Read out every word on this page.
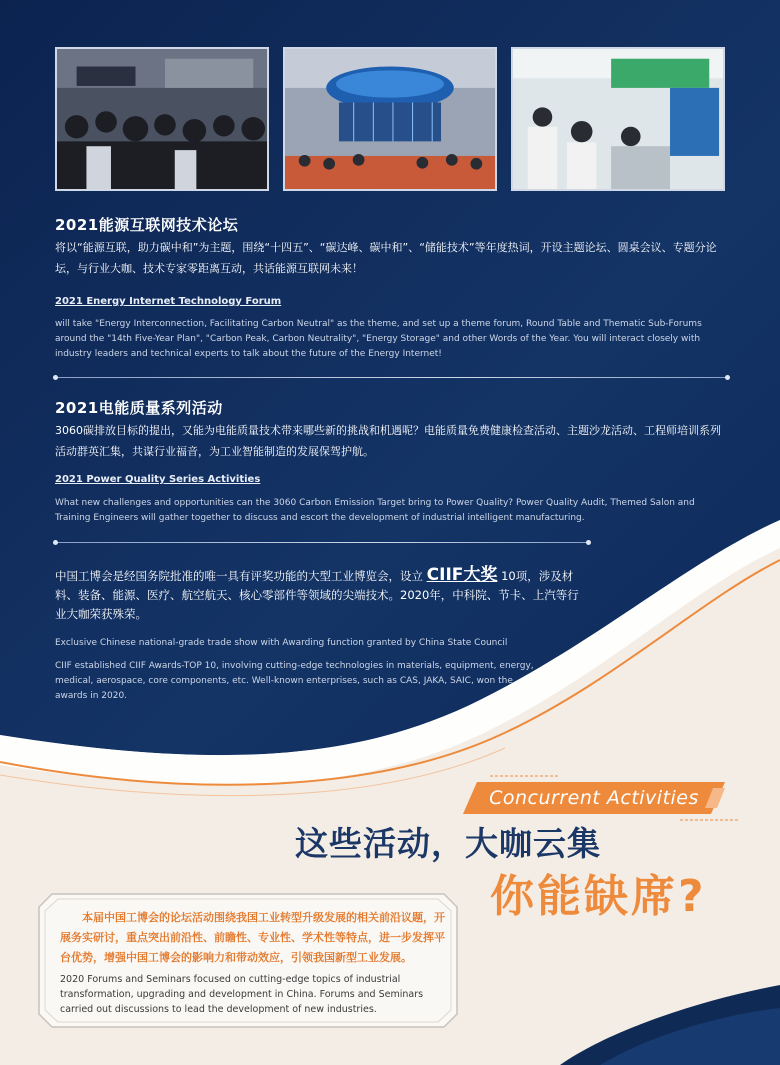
2021能源互联网技术论坛
将以“能源互联，助力碳中和”为主题，围绕“十四五”、“碳达峰、碳中和”、“储能技术”等年度热词，开设主题论坛、圆桌会议、专题分论坛，与行业大咖、技术专家零距离互动，共话能源互联网未来！
2021 Energy Internet Technology Forum
will take "Energy Interconnection, Facilitating Carbon Neutral" as the theme, and set up a theme forum, Round Table and Thematic Sub-Forums around the "14th Five-Year Plan", "Carbon Peak, Carbon Neutrality", "Energy Storage" and other Words of the Year. You will interact closely with industry leaders and technical experts to talk about the future of the Energy Internet!
2021电能质量系列活动
3060碳排放目标的提出，又能为电能质量技术带来哪些新的挑战和机遇呢？电能质量免费健康检查活动、主题沙龙活动、工程师培训系列活动群英汇集，共谋行业福音，为工业智能制造的发展保驾护航。
2021 Power Quality Series Activities
What new challenges and opportunities can the 3060 Carbon Emission Target bring to Power Quality? Power Quality Audit, Themed Salon and Training Engineers will gather together to discuss and escort the development of industrial intelligent manufacturing.
中国工博会是经国务院批准的唯一具有评奖功能的大型工业博览会，设立 CIIF大奖 10项，涉及材料、装备、能源、医疗、航空航天、核心零部件等领域的尖端技术。2020年，中科院、节卡、上汽等行业大咖荣获殊荣。
Exclusive Chinese national-grade trade show with Awarding function granted by China State Council
CIIF established CIIF Awards-TOP 10, involving cutting-edge technologies in materials, equipment, energy, medical, aerospace, core components, etc. Well-known enterprises, such as CAS, JAKA, SAIC, won the awards in 2020.
Concurrent Activities
这些活动，大咖云集
你能缺席?
本届中国工博会的论坛活动围绕我国工业转型升级发展的相关前沿议题，开展务实研讨，重点突出前沿性、前瞻性、专业性、学术性等特点，进一步发挥平台优势，增强中国工博会的影响力和带动效应，引领我国新型工业发展。
2020 Forums and Seminars focused on cutting-edge topics of industrial transformation, upgrading and development in China. Forums and Seminars carried out discussions to lead the development of new industries.
